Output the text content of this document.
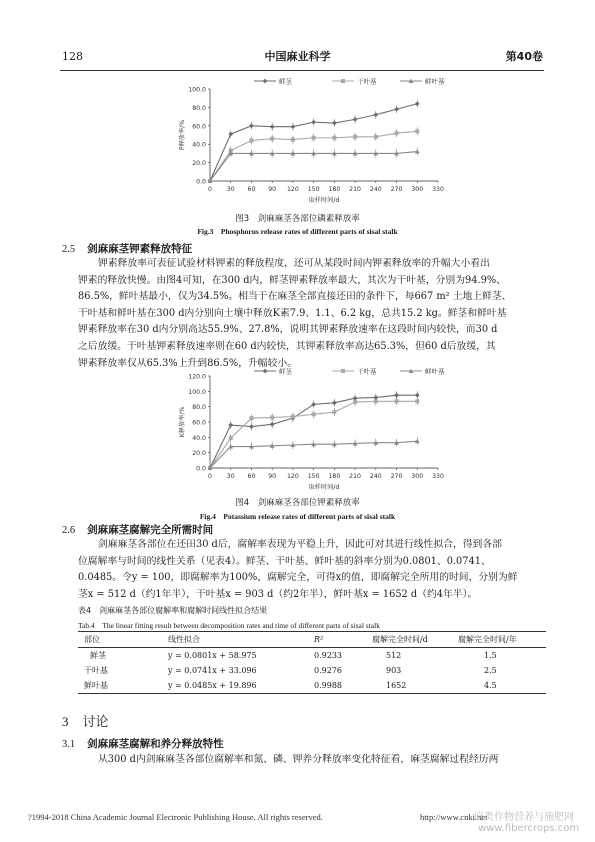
128	中国麻业科学	第40卷
0.0
20.0
40.0
60.0
80.0
100.0
0 30 60 90 120 150 180 210 240 270 300 330
取样时间/d
P释放率/%
鲜茎	干叶基	鲜叶基
图3　剑麻麻茎各部位磷素释放率
Fig.3　Phosphorus release rates of different parts of sisal stalk
2.5 剑麻麻茎钾素释放特征

钾素释放率可表征试验材料钾素的释放程度，还可从某段时间内钾素释放率的升幅大小看出

钾素的释放快慢。由图4可知，在300 d内，鲜茎钾素释放率最大，其次为干叶基，分别为94.9%、

86.5%，鲜叶基最小，仅为34.5%。相当于在麻茎全部直接还田的条件下，每667 m² 土地上鲜茎、

干叶基和鲜叶基在300 d内分别向土壤中释放K素7.9、1.1、6.2 kg，总共15.2 kg。鲜茎和鲜叶基

钾素释放率在30 d内分别高达55.9%、27.8%，说明其钾素释放速率在这段时间内较快，而30 d

之后放缓。干叶基钾素释放速率则在60 d内较快，其钾素释放率高达65.3%，但60 d后放缓，其

钾素释放率仅从65.3%上升到86.5%，升幅较小。

0.0
20.0
40.0
60.0
80.0
100.0
120.0
0 30 60 90 120 150 180 210 240 270 300 330
取样时间/d
K释放率/%
鲜茎	干叶基	鲜叶基
图4　剑麻麻茎各部位钾素释放率
Fig.4　Potassium release rates of different parts of sisal stalk
2.6 剑麻麻茎腐解完全所需时间

剑麻麻茎各部位在还田30 d后，腐解率表现为平稳上升，因此可对其进行线性拟合，得到各部

位腐解率与时间的线性关系（见表4）。鲜茎、干叶基、鲜叶基的斜率分别为0.0801、0.0741、

0.0485。令y = 100，即腐解率为100%，腐解完全，可得x的值，即腐解完全所用的时间，分别为鲜

茎x = 512 d（约1年半），干叶基x = 903 d（约2年半），鲜叶基x = 1652 d（约4年半）。

表4　剑麻麻茎各部位腐解率和腐解时间线性拟合结果
Tab.4　The linear fitting result between decomposition rates and time of different parts of sisal stalk
部位	线性拟合	R²	腐解完全时间/d	腐解完全时间/年
鲜茎	y = 0.0801x + 58.975	0.9233	512	1.5
干叶基	y = 0.0741x + 33.096	0.9276	903	2.5
鲜叶基	y = 0.0485x + 19.896	0.9988	1652	4.5
3 讨论
3.1 剑麻麻茎腐解和养分释放特性

从300 d内剑麻麻茎各部位腐解率和氮、磷、钾养分释放率变化特征看，麻茎腐解过程经历两

?1994-2018 China Academic Journal Electronic Publishing House. All rights reserved.	http://www.cnki.net
麻类作物营养与施肥网
www.fibercrops.com
